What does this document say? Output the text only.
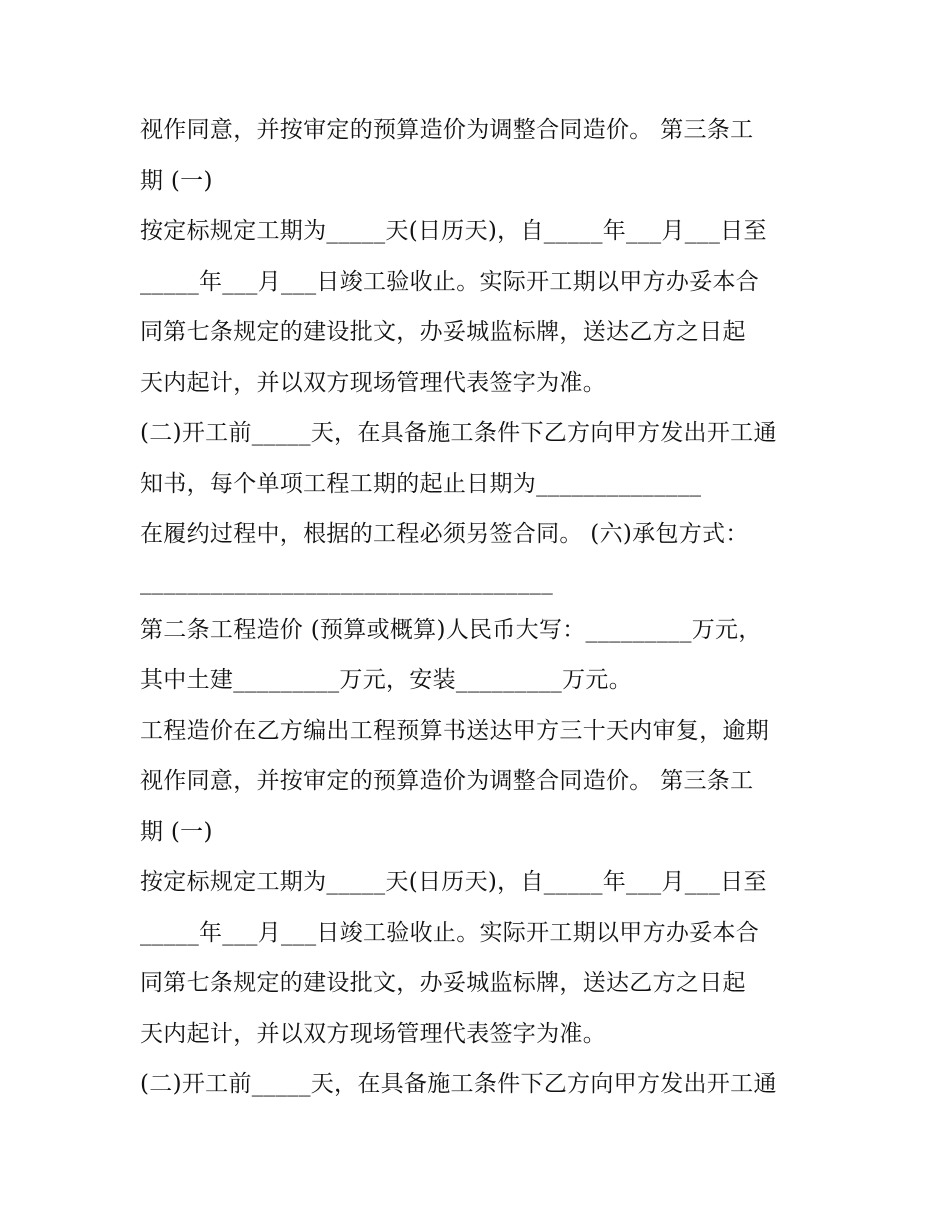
视作同意，并按审定的预算造价为调整合同造价。 第三条工

期 (一)

按定标规定工期为_____天(日历天)，自_____年___月___日至

_____年___月___日竣工验收止。实际开工期以甲方办妥本合

同第七条规定的建设批文，办妥城监标牌，送达乙方之日起

天内起计，并以双方现场管理代表签字为准。

(二)开工前_____天，在具备施工条件下乙方向甲方发出开工通

知书，每个单项工程工期的起止日期为______________

在履约过程中，根据的工程必须另签合同。 (六)承包方式：

___________________________________

第二条工程造价 (预算或概算)人民币大写：_________万元，

其中土建_________万元，安装_________万元。

工程造价在乙方编出工程预算书送达甲方三十天内审复，逾期

视作同意，并按审定的预算造价为调整合同造价。 第三条工

期 (一)

按定标规定工期为_____天(日历天)，自_____年___月___日至

_____年___月___日竣工验收止。实际开工期以甲方办妥本合

同第七条规定的建设批文，办妥城监标牌，送达乙方之日起

天内起计，并以双方现场管理代表签字为准。

(二)开工前_____天，在具备施工条件下乙方向甲方发出开工通
